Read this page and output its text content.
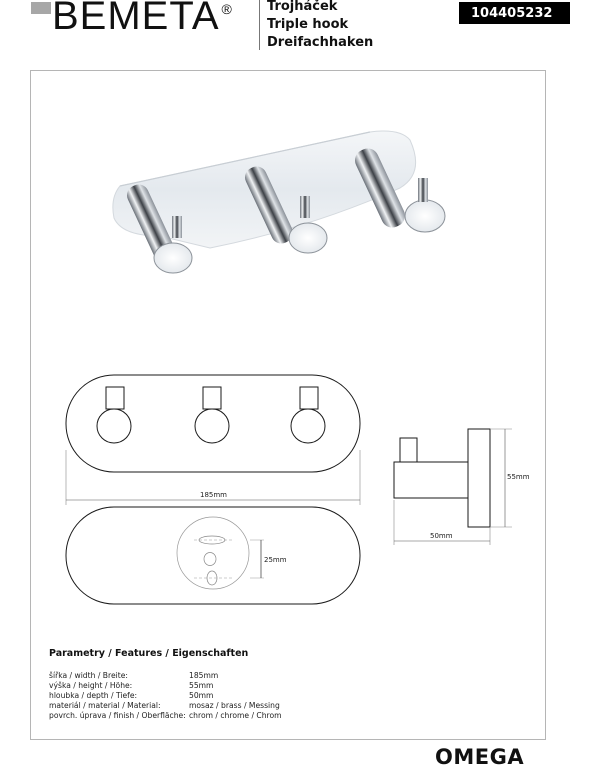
BEMETA ®	Trojháček
Triple hook
Dreifachhaken
104405232
185mm
25mm
50mm
55mm
Parametry / Features / Eigenschaften
šířka / width / Breite:	185mm
výška / height / Höhe:	55mm
hloubka / depth / Tiefe:	50mm
materiál / material / Material:	mosaz / brass / Messing
povrch. úprava / finish / Oberfläche: chrom / chrome / Chrom
OMEGA
